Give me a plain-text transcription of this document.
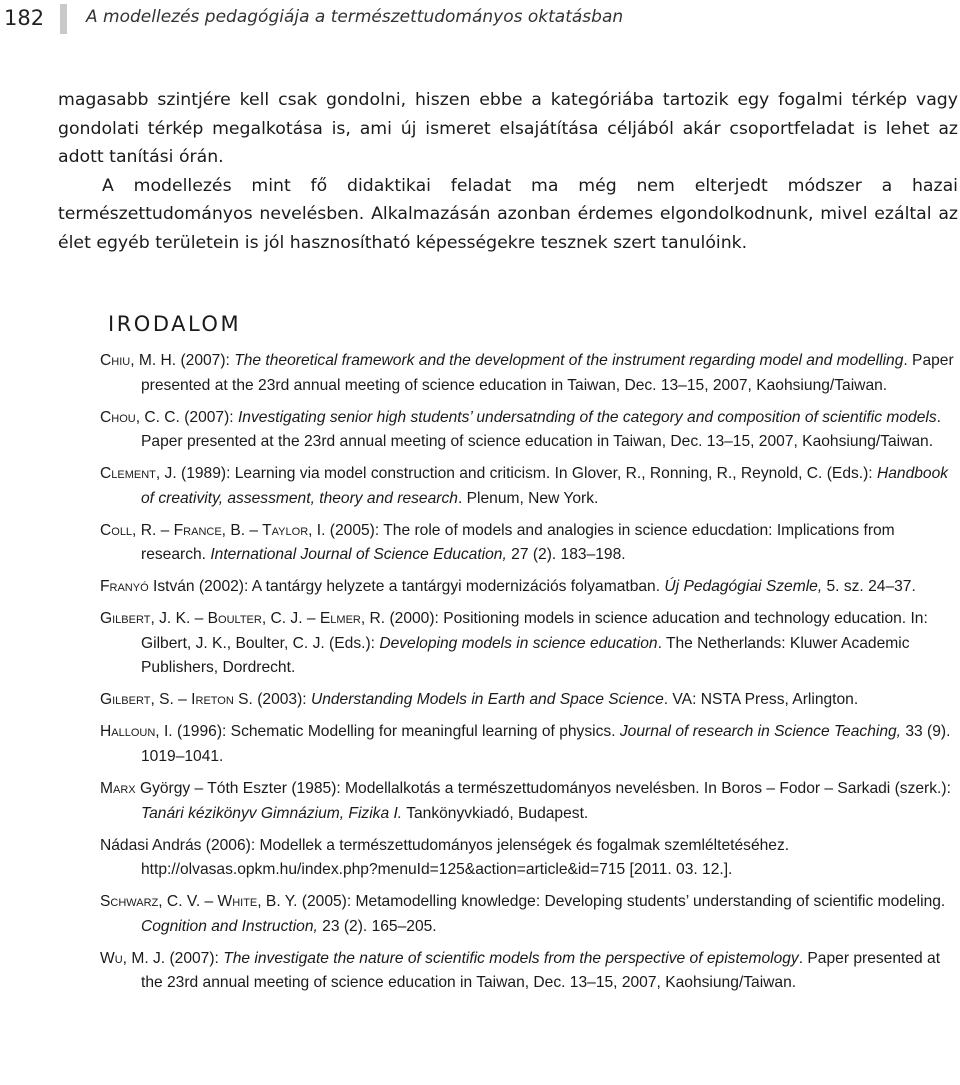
182 A modellezés pedagógiája a természettudományos oktatásban

magasabb szintjére kell csak gondolni, hiszen ebbe a kategóriába tartozik egy fogalmi térkép vagy gondolati térkép megalkotása is, ami új ismeret elsajátítása céljából akár csoportfeladat is lehet az adott tanítási órán.

A modellezés mint fő didaktikai feladat ma még nem elterjedt módszer a hazai természettudományos nevelésben. Alkalmazásán azonban érdemes elgondolkodnunk, mivel ezáltal az élet egyéb területein is jól hasznosítható képességekre tesznek szert tanulóink.

IRODALOM
Chiu, M. H. (2007): The theoretical framework and the development of the instrument regarding model and modelling. Paper presented at the 23rd annual meeting of science education in Taiwan, Dec. 13–15, 2007, Kaohsiung/Taiwan.
Chou, C. C. (2007): Investigating senior high students’ undersatnding of the category and composition of scientific models. Paper presented at the 23rd annual meeting of science education in Taiwan, Dec. 13–15, 2007, Kaohsiung/Taiwan.
Clement, J. (1989): Learning via model construction and criticism. In Glover, R., Ronning, R., Reynold, C. (Eds.): Handbook of creativity, assessment, theory and research. Plenum, New York.
Coll, R. – France, B. – Taylor, I. (2005): The role of models and analogies in science educdation: Implications from research. International Journal of Science Education, 27 (2). 183–198.
Franyó István (2002): A tantárgy helyzete a tantárgyi modernizációs folyamatban. Új Pedagógiai Szemle, 5. sz. 24–37.
Gilbert, J. K. – Boulter, C. J. – Elmer, R. (2000): Positioning models in science aducation and technology education. In: Gilbert, J. K., Boulter, C. J. (Eds.): Developing models in science education. The Netherlands: Kluwer Academic Publishers, Dordrecht.
Gilbert, S. – Ireton S. (2003): Understanding Models in Earth and Space Science. VA: NSTA Press, Arlington.
Halloun, I. (1996): Schematic Modelling for meaningful learning of physics. Journal of research in Science Teaching, 33 (9). 1019–1041.
Marx György – Tóth Eszter (1985): Modellalkotás a természettudományos nevelésben. In Boros – Fodor – Sarkadi (szerk.): Tanári kézikönyv Gimnázium, Fizika I. Tankönyvkiadó, Budapest.
Nádasi András (2006): Modellek a természettudományos jelenségek és fogalmak szemléltetéséhez. http://olvasas.opkm.hu/index.php?menuId=125&action=article&id=715 [2011. 03. 12.].
Schwarz, C. V. – White, B. Y. (2005): Metamodelling knowledge: Developing students’ understanding of scientific modeling. Cognition and Instruction, 23 (2). 165–205.
Wu, M. J. (2007): The investigate the nature of scientific models from the perspective of epistemology. Paper presented at the 23rd annual meeting of science education in Taiwan, Dec. 13–15, 2007, Kaohsiung/Taiwan.
